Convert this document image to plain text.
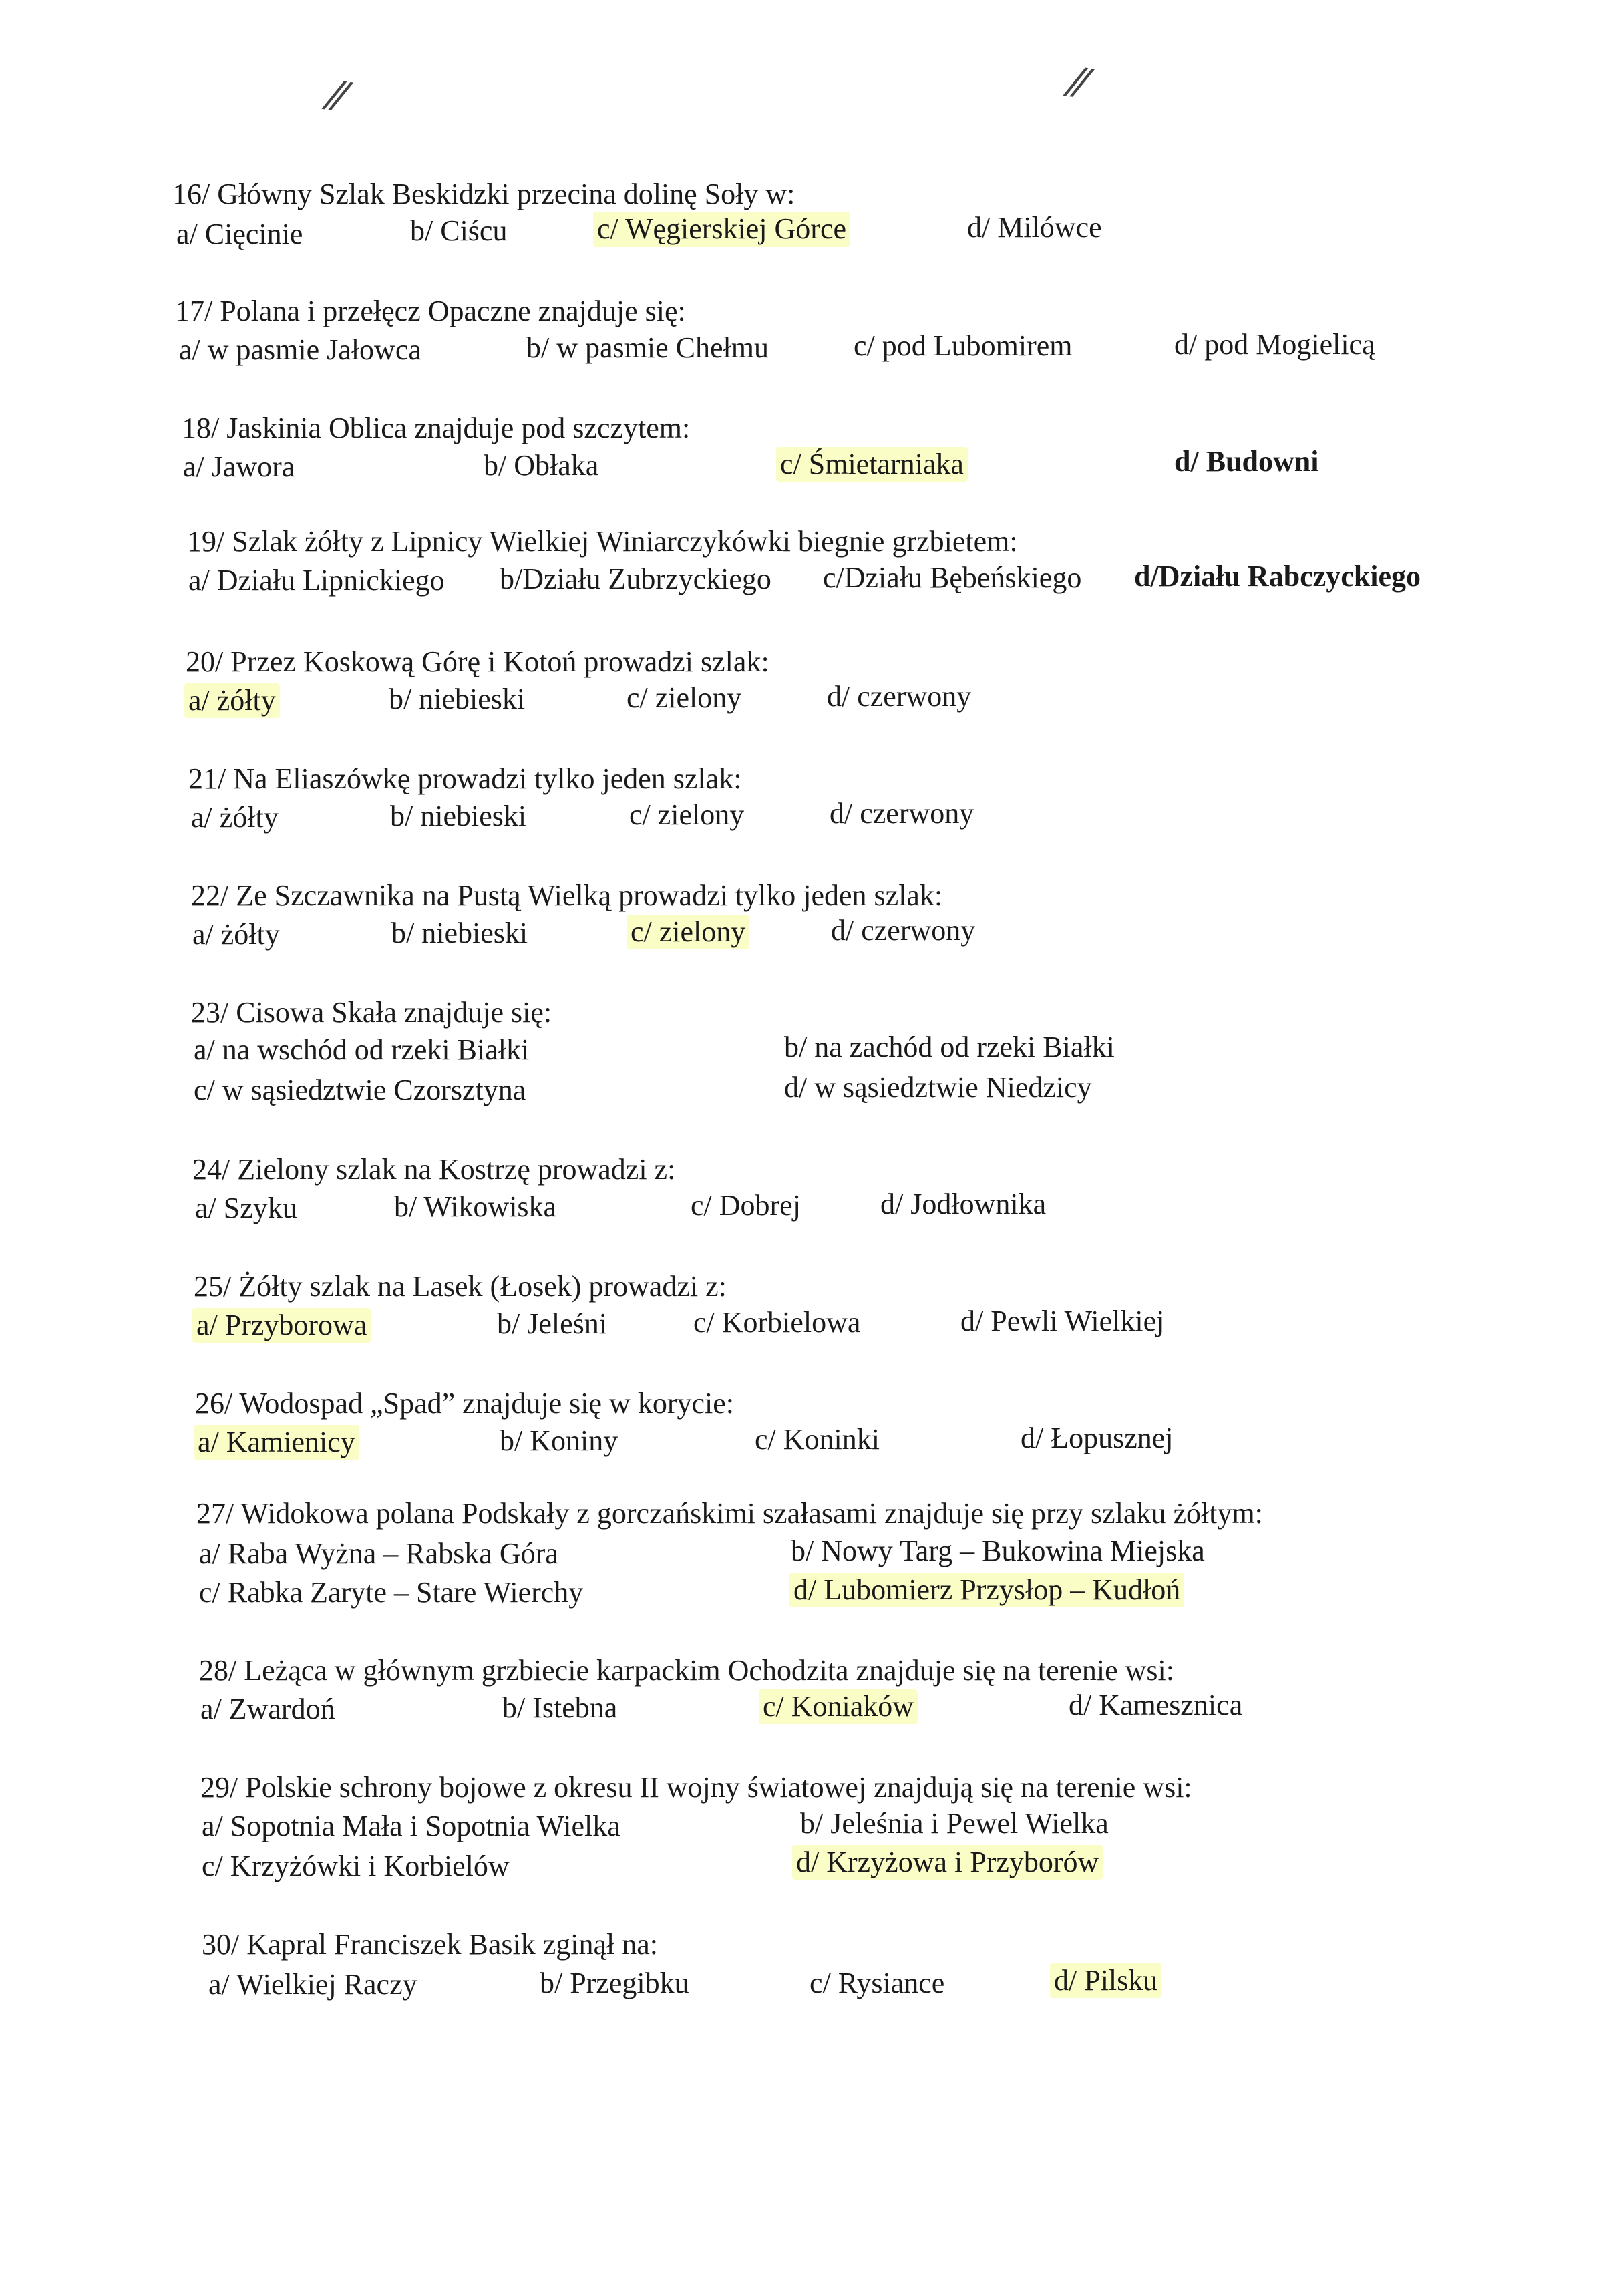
⁄⁄	⁄⁄
16/ Główny Szlak Beskidzki przecina dolinę Soły w:
a/ Cięcinie	b/ Ciścu	c/ Węgierskiej Górce	d/ Milówce
17/ Polana i przełęcz Opaczne znajduje się:
a/ w pasmie Jałowca	b/ w pasmie Chełmu	c/ pod Lubomirem	d/ pod Mogielicą
18/ Jaskinia Oblica znajduje pod szczytem:
a/ Jawora	b/ Obłaka	c/ Śmietarniaka	d/ Budowni
19/ Szlak żółty z Lipnicy Wielkiej Winiarczykówki biegnie grzbietem:
a/ Działu Lipnickiego b/Działu Zubrzyckiego c/Działu Bębeńskiego d/Działu Rabczyckiego
20/ Przez Koskową Górę i Kotoń prowadzi szlak:
a/ żółty	b/ niebieski	c/ zielony	d/ czerwony
21/ Na Eliaszówkę prowadzi tylko jeden szlak:
a/ żółty	b/ niebieski	c/ zielony	d/ czerwony
22/ Ze Szczawnika na Pustą Wielką prowadzi tylko jeden szlak:
a/ żółty	b/ niebieski	c/ zielony	d/ czerwony
23/ Cisowa Skała znajduje się:
a/ na wschód od rzeki Białki	b/ na zachód od rzeki Białki
c/ w sąsiedztwie Czorsztyna	d/ w sąsiedztwie Niedzicy
24/ Zielony szlak na Kostrzę prowadzi z:
a/ Szyku	b/ Wikowiska	c/ Dobrej	d/ Jodłownika
25/ Żółty szlak na Lasek (Łosek) prowadzi z:
a/ Przyborowa	b/ Jeleśni	c/ Korbielowa	d/ Pewli Wielkiej
26/ Wodospad „Spad” znajduje się w korycie:
a/ Kamienicy	b/ Koniny	c/ Koninki	d/ Łopusznej
27/ Widokowa polana Podskały z gorczańskimi szałasami znajduje się przy szlaku żółtym:
a/ Raba Wyżna – Rabska Góra	b/ Nowy Targ – Bukowina Miejska
c/ Rabka Zaryte – Stare Wierchy	d/ Lubomierz Przysłop – Kudłoń
28/ Leżąca w głównym grzbiecie karpackim Ochodzita znajduje się na terenie wsi:
a/ Zwardoń	b/ Istebna	c/ Koniaków	d/ Kamesznica
29/ Polskie schrony bojowe z okresu II wojny światowej znajdują się na terenie wsi:
a/ Sopotnia Mała i Sopotnia Wielka	b/ Jeleśnia i Pewel Wielka
c/ Krzyżówki i Korbielów	d/ Krzyżowa i Przyborów
30/ Kapral Franciszek Basik zginął na:
a/ Wielkiej Raczy	b/ Przegibku	c/ Rysiance	d/ Pilsku
